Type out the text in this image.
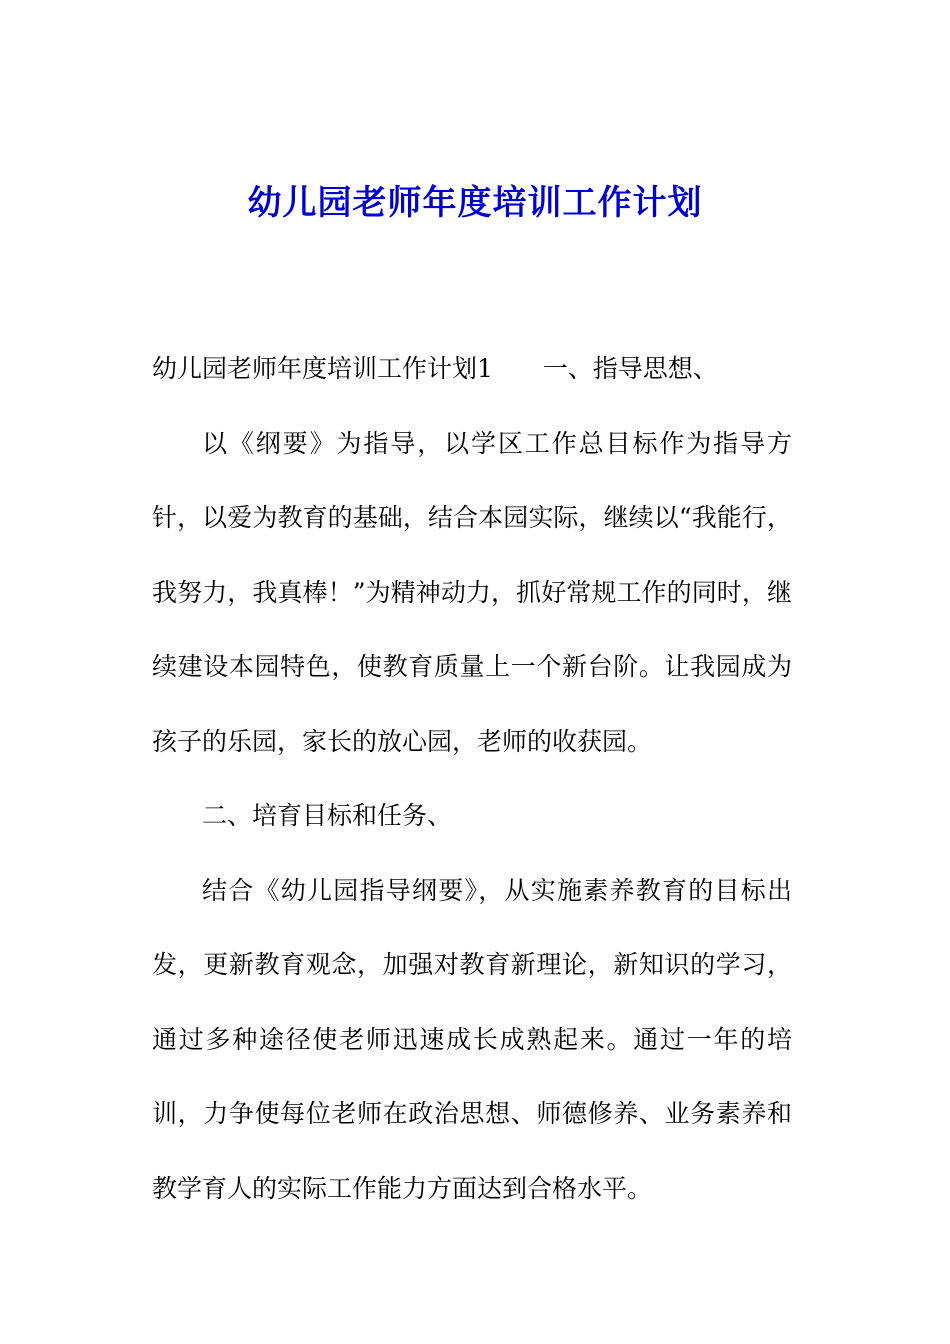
幼儿园老师年度培训工作计划

幼儿园老师年度培训工作计划1 一、指导思想、

以《纲要》为指导，以学区工作总目标作为指导方针，以爱为教育的基础，结合本园实际，继续以“我能行，我努力，我真棒！”为精神动力，抓好常规工作的同时，继续建设本园特色，使教育质量上一个新台阶。让我园成为孩子的乐园，家长的放心园，老师的收获园。

二、培育目标和任务、

结合《幼儿园指导纲要》，从实施素养教育的目标出发，更新教育观念，加强对教育新理论，新知识的学习，通过多种途径使老师迅速成长成熟起来。通过一年的培训，力争使每位老师在政治思想、师德修养、业务素养和教学育人的实际工作能力方面达到合格水平。
